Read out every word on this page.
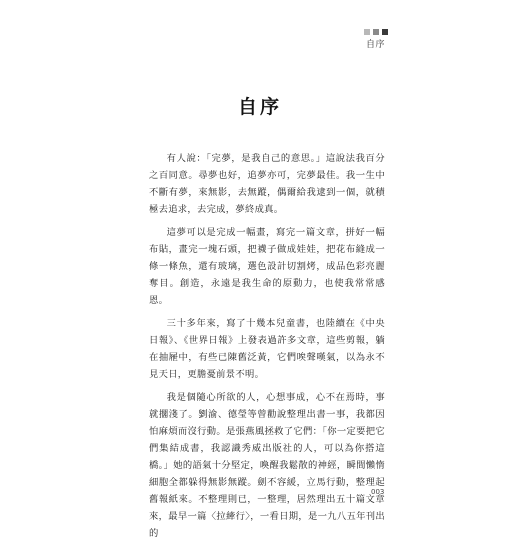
自序
自序

有人說：「完夢，是我自己的意思。」這說法我百分之百同意。尋夢也好，追夢亦可，完夢最佳。我一生中不斷有夢，來無影，去無蹤，偶爾給我逮到一個，就積極去追求，去完成，夢終成真。

這夢可以是完成一幅畫，寫完一篇文章，拼好一幅布貼，畫完一塊石頭，把襪子做成娃娃，把花布縫成一條一條魚，還有玻璃，選色設計切割烤，成品色彩亮麗奪目。創造，永遠是我生命的原動力，也使我常常感恩。

三十多年來，寫了十幾本兒童書，也陸續在《中央日報》、《世界日報》上發表過許多文章，這些剪報，躺在抽屜中，有些已陳舊泛黃，它們唉聲嘆氣，以為永不見天日，更膽憂前景不明。

我是個隨心所欲的人，心想事成，心不在焉時，事就擱淺了。劉渝、德瑩等曾勸說整理出書一事，我都因怕麻煩而沒行動。是張燕風拯救了它們：「你一定要把它們集結成書，我認識秀威出版社的人，可以為你搭這橋。」她的語氣十分堅定，喚醒我鬆散的神經，瞬間懶惰細胞全都躲得無影無蹤。劍不容緩，立馬行動，整理起舊報紙來。不整理則已，一整理，居然理出五十篇文章來，最早一篇〈拉縴行〉，一看日期，是一九八五年刊出的

003
